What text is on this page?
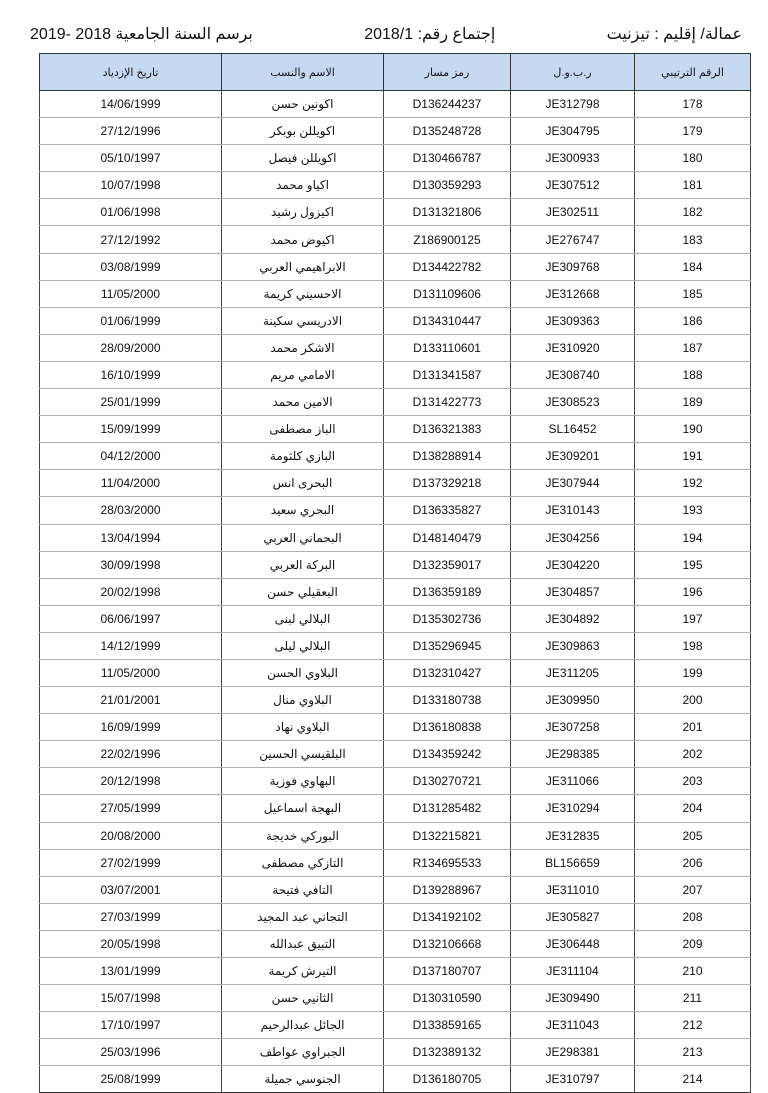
عمالة/ إقليم : تيزنيت
إجتماع رقم: 2018/1
برسم السنة الجامعية 2018 -2019
الرقم الترتيبي	ر.ب.و.ل	رمز مسار	الاسم والنسب	تاريخ الإزدياد
178	JE312798	D136244237	اكونين حسن	14/06/1999
179	JE304795	D135248728	اكويللن بوبكر	27/12/1996
180	JE300933	D130466787	اكويللن فيصل	05/10/1997
181	JE307512	D130359293	اكياو محمد	10/07/1998
182	JE302511	D131321806	اكيزول رشيد	01/06/1998
183	JE276747	Z186900125	اكيوض محمد	27/12/1992
184	JE309768	D134422782	الابراهيمي العربي	03/08/1999
185	JE312668	D131109606	الاحسيني كريمة	11/05/2000
186	JE309363	D134310447	الادريسي سكينة	01/06/1999
187	JE310920	D133110601	الاشكر محمد	28/09/2000
188	JE308740	D131341587	الامامي مريم	16/10/1999
189	JE308523	D131422773	الامين محمد	25/01/1999
190	SL16452	D136321383	الباز مصطفى	15/09/1999
191	JE309201	D138288914	البازي كلثومة	04/12/2000
192	JE307944	D137329218	البحرى انس	11/04/2000
193	JE310143	D136335827	البحري سعيد	28/03/2000
194	JE304256	D148140479	البحماني العربي	13/04/1994
195	JE304220	D132359017	البركة العربي	30/09/1998
196	JE304857	D136359189	البعقيلي حسن	20/02/1998
197	JE304892	D135302736	البلالي لبنى	06/06/1997
198	JE309863	D135296945	البلالي ليلى	14/12/1999
199	JE311205	D132310427	البلاوي الحسن	11/05/2000
200	JE309950	D133180738	البلاوي منال	21/01/2001
201	JE307258	D136180838	البلاوي نهاد	16/09/1999
202	JE298385	D134359242	البلقيسي الحسين	22/02/1996
203	JE311066	D130270721	البهاوي فوزية	20/12/1998
204	JE310294	D131285482	البهجة اسماعيل	27/05/1999
205	JE312835	D132215821	البوركي خديجة	20/08/2000
206	BL156659	R134695533	التازكي مصطفى	27/02/1999
207	JE311010	D139288967	التافي فتيحة	03/07/2001
208	JE305827	D134192102	التجاني عبد المجيد	27/03/1999
209	JE306448	D132106668	التبيق عبدالله	20/05/1998
210	JE311104	D137180707	التيرش كريمة	13/01/1999
211	JE309490	D130310590	الثانيي حسن	15/07/1998
212	JE311043	D133859165	الجائل عبدالرحيم	17/10/1997
213	JE298381	D132389132	الجبراوي عواطف	25/03/1996
214	JE310797	D136180705	الجنوسي جميلة	25/08/1999
